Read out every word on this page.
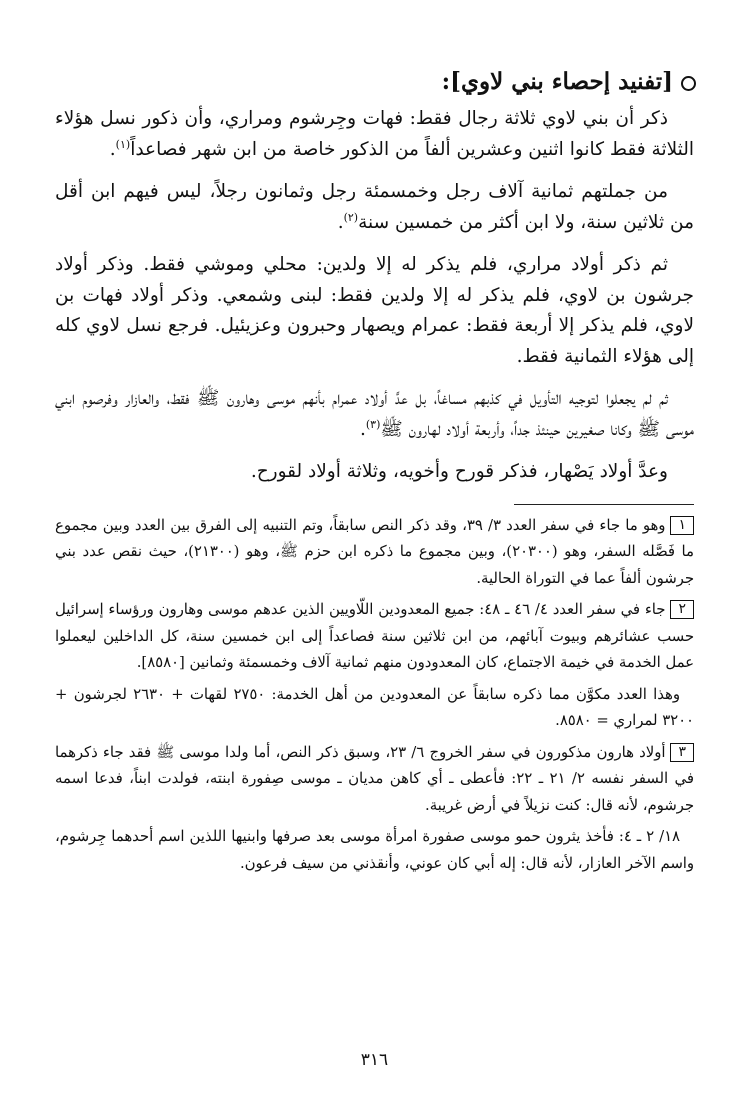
[تفنيد إحصاء بني لاوي]:

ذكر أن بني لاوي ثلاثة رجال فقط: فهات وجِرشوم ومراري، وأن ذكور نسل هؤلاء الثلاثة فقط كانوا اثنين وعشرين ألفاً من الذكور خاصة من ابن شهر فصاعداً$^{(١)}$.

من جملتهم ثمانية آلاف رجل وخمسمئة رجل وثمانون رجلاً، ليس فيهم ابن أقل من ثلاثين سنة، ولا ابن أكثر من خمسين سنة$^{(٢)}$.

ثم ذكر أولاد مراري، فلم يذكر له إلا ولدين: محلي وموشي فقط. وذكر أولاد جرشون بن لاوي، فلم يذكر له إلا ولدين فقط: لبنى وشمعي. وذكر أولاد فهات بن لاوي، فلم يذكر إلا أربعة فقط: عمرام ويصهار وحبرون وعزيئيل. فرجع نسل لاوي كله إلى هؤلاء الثمانية فقط.

ثم لم يجعلوا لتوجيه التأويل في كذبهم مساغاً، بل عدَّ أولاد عمرام بأنهم موسى وهارون ﷺ فقط، والعازار وفرصوم ابني موسى ﷺ وكانا صغيرين حينئذ جداً، وأربعة أولاد لهارون ﷺ$^{(٣)}$.

وعدَّ أولاد يَصْهار، فذكر قورح وأخويه، وثلاثة أولاد لقورح.

١وهو ما جاء في سفر العدد ٣/ ٣٩، وقد ذكر النص سابقاً، وتم التنبيه إلى الفرق بين العدد وبين مجموع ما فَصَّله السفر، وهو (٢٠٣٠٠)، وبين مجموع ما ذكره ابن حزم ﷺ، وهو (٢١٣٠٠)، حيث نقص عدد بني جرشون ألفاً عما في التوراة الحالية.

٢جاء في سفر العدد ٤/ ٤٦ ـ ٤٨: جميع المعدودين اللّاويين الذين عدهم موسى وهارون ورؤساء إسرائيل حسب عشائرهم وبيوت آبائهم، من ابن ثلاثين سنة فصاعداً إلى ابن خمسين سنة، كل الداخلين ليعملوا عمل الخدمة في خيمة الاجتماع، كان المعدودون منهم ثمانية آلاف وخمسمئة وثمانين [٨٥٨٠].

وهذا العدد مكوَّن مما ذكره سابقاً عن المعدودين من أهل الخدمة: ٢٧٥٠ لقهات + ٢٦٣٠ لجرشون + ٣٢٠٠ لمراري = ٨٥٨٠.

٣أولاد هارون مذكورون في سفر الخروج ٦/ ٢٣، وسبق ذكر النص، أما ولدا موسى ﷺ فقد جاء ذكرهما في السفر نفسه ٢/ ٢١ ـ ٢٢: فأعطى ـ أي كاهن مديان ـ موسى صِفورة ابنته، فولدت ابناً، فدعا اسمه جرشوم، لأنه قال: كنت نزيلاً في أرض غريبة.

١٨/ ٢ ـ ٤: فأخذ يثرون حمو موسى صفورة امرأة موسى بعد صرفها وابنيها اللذين اسم أحدهما جِرشوم، واسم الآخر العازار، لأنه قال: إله أبي كان عوني، وأنقذني من سيف فرعون.

٣١٦
